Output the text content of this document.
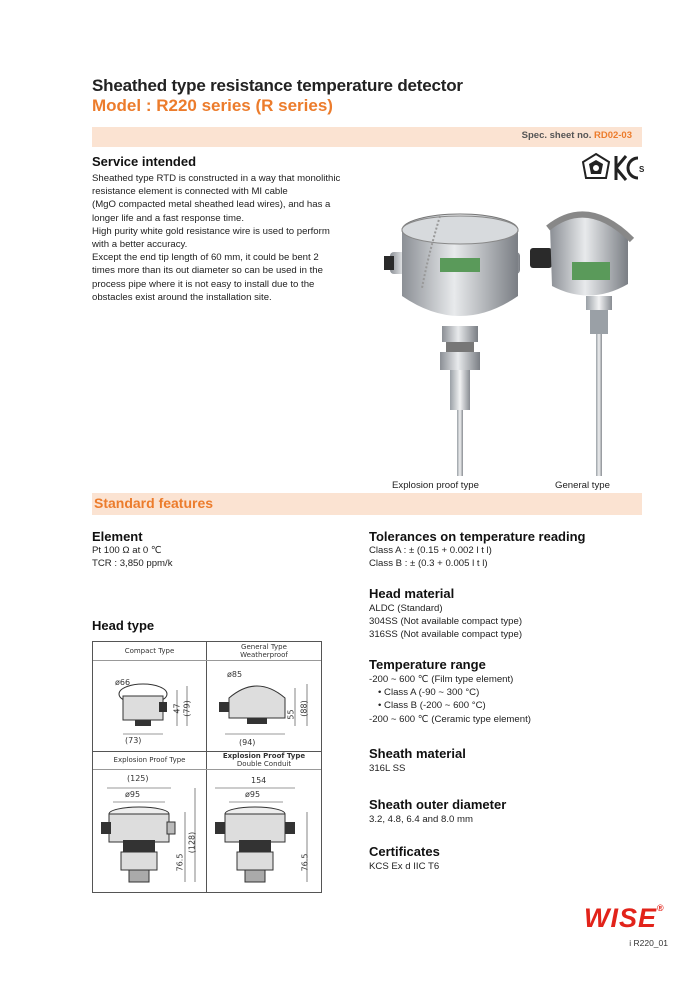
Sheathed type resistance temperature detector
Model : R220 series (R series)
Spec. sheet no. RD02-03
Service intended
Sheathed type RTD is constructed in a way that monolithic
resistance element is connected with MI cable
(MgO compacted metal sheathed lead wires), and has a
longer life and a fast response time.
High purity white gold resistance wire is used to perform
with a better accuracy.
Except the end tip length of 60 mm, it could be bent 2
times more than its out diameter so can be used in the
process pipe where it is not easy to install due to the
obstacles exist around the installation site.
S
Explosion proof type	General type
Standard features
Element
Pt 100 Ω at 0 ℃
TCR : 3,850 ppm/k
Head type
Compact Type	General Type
Weatherproof
Explosion Proof Type	Explosion Proof Type
Double Conduit
ø66
47 (79)
(73)
ø85
55 (88)
(94)
(125)
ø95
76.5
(128)
154
ø95
76.5
Tolerances on temperature reading
Class A : ± (0.15 + 0.002 l t l)
Class B : ± (0.3 + 0.005 l t l)
Head material
ALDC (Standard)
304SS (Not available compact type)
316SS (Not available compact type)
Temperature range
-200 ~ 600 ℃ (Film type element)
• Class A (-90 ~ 300 °C)
• Class B (-200 ~ 600 °C)
-200 ~ 600 ℃ (Ceramic type element)
Sheath material
316L SS
Sheath outer diameter
3.2, 4.8, 6.4 and 8.0 mm
Certificates
KCS Ex d IIC T6
WISE®
i R220_01
